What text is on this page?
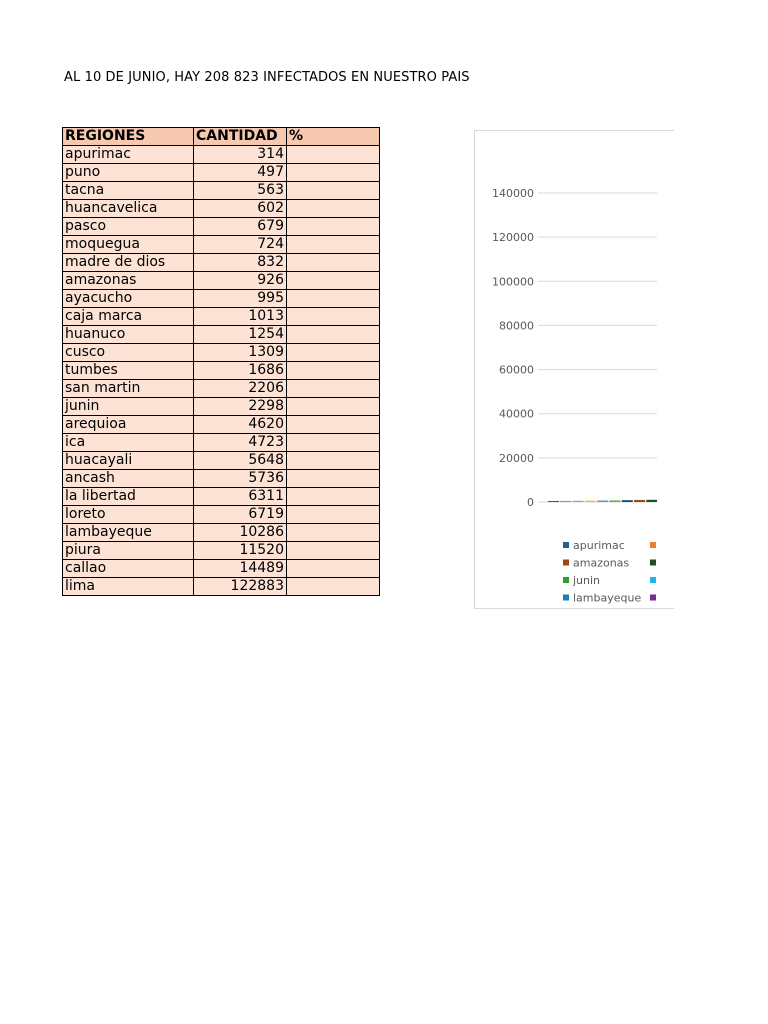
AL 10 DE JUNIO, HAY 208 823 INFECTADOS EN NUESTRO PAIS
REGIONES	CANTIDAD	%
apurimac	314	
puno	497	
tacna	563	
huancavelica	602	
pasco	679	
moquegua	724	
madre de dios	832	
amazonas	926	
ayacucho	995	
caja marca	1013	
huanuco	1254	
cusco	1309	
tumbes	1686	
san martin	2206	
junin	2298	
arequioa	4620	
ica	4723	
huacayali	5648	
ancash	5736	
la libertad	6311	
loreto	6719	
lambayeque	10286	
piura	11520	
callao	14489	
lima	122883	
0
20000
40000
60000
80000
100000
120000
140000
apurimac
amazonas
junin
lambayeque
